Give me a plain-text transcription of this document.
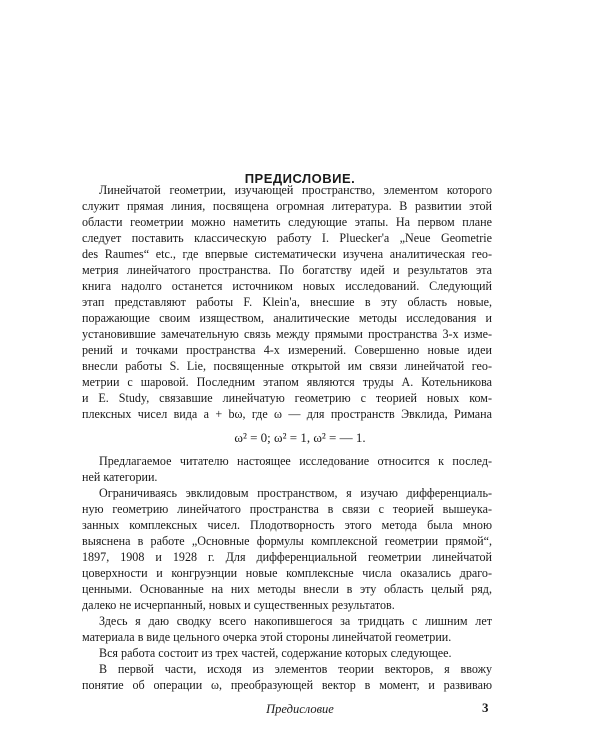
ПРЕДИСЛОВИЕ.
Линейчатой геометрии, изучающей пространство, элементом которого
служит прямая линия, посвящена огромная литература. В развитии этой
области геометрии можно наметить следующие этапы. На первом плане
следует поставить классическую работу I. Pluecker'a „Neue Geometrie
des Raumes“ etc., где впервые систематически изучена аналитическая гео-
метрия линейчатого пространства. По богатству идей и результатов эта
книга надолго останется источником новых исследований. Следующий
этап представляют работы F. Klein'a, внесшие в эту область новые,
поражающие своим изяществом, аналитические методы исследования и
установившие замечательную связь между прямыми пространства 3-х изме-
рений и точками пространства 4-х измерений. Совершенно новые идеи
внесли работы S. Lie, посвященные открытой им связи линейчатой гео-
метрии с шаровой. Последним этапом являются труды А. Котельникова
и E. Study, связавшие линейчатую геометрию с теорией новых ком-
плексных чисел вида a + bω, где ω — для пространств Эвклида, Римана
ω² = 0; ω² = 1, ω² = — 1.
Предлагаемое читателю настоящее исследование относится к послед-
ней категории.
Ограничиваясь эвклидовым пространством, я изучаю дифференциаль-
ную геометрию линейчатого пространства в связи с теорией вышеука-
занных комплексных чисел. Плодотворность этого метода была мною
выяснена в работе „Основные формулы комплексной геометрии прямой“,
1897, 1908 и 1928 г. Для дифференциальной геометрии линейчатой
цоверхности и конгруэнции новые комплексные числа оказались драго-
ценными. Основанные на них методы внесли в эту область целый ряд,
далеко не исчерпанный, новых и существенных результатов.
Здесь я даю сводку всего накопившегося за тридцать с лишним лет
материала в виде цельного очерка этой стороны линейчатой геометрии.
Вся работа состоит из трех частей, содержание которых следующее.
В первой части, исходя из элементов теории векторов, я ввожу
понятие об операции ω, преобразующей вектор в момент, и развиваю
Предисловие	3
